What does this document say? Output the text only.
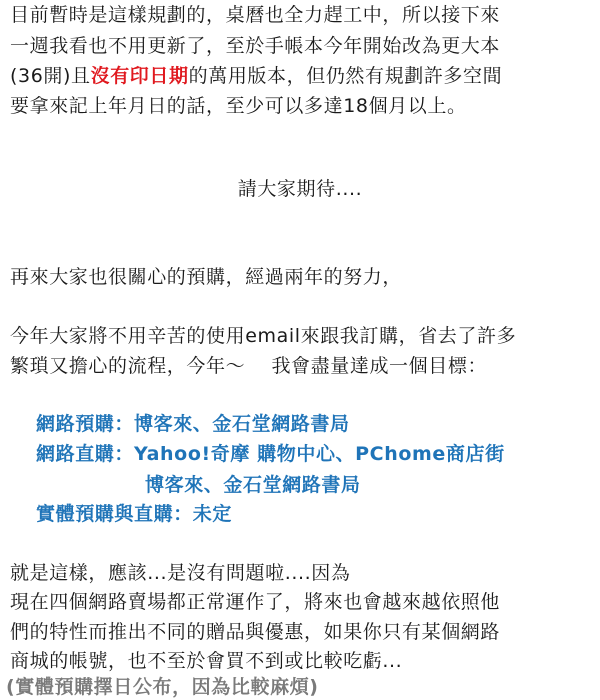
目前暫時是這樣規劃的，桌曆也全力趕工中，所以接下來
一週我看也不用更新了，至於手帳本今年開始改為更大本
(36開)且沒有印日期的萬用版本，但仍然有規劃許多空間
要拿來記上年月日的話，至少可以多達18個月以上。
請大家期待....
再來大家也很關心的預購，經過兩年的努力，
今年大家將不用辛苦的使用email來跟我訂購，省去了許多
繁瑣又擔心的流程，今年～　 我會盡量達成一個目標：
網路預購：博客來、金石堂網路書局
網路直購：Yahoo!奇摩 購物中心、PChome商店街
博客來、金石堂網路書局
實體預購與直購：未定
就是這樣，應該...是沒有問題啦....因為
現在四個網路賣場都正常運作了，將來也會越來越依照他
們的特性而推出不同的贈品與優惠，如果你只有某個網路
商城的帳號，也不至於會買不到或比較吃虧...
(實體預購擇日公布，因為比較麻煩)
